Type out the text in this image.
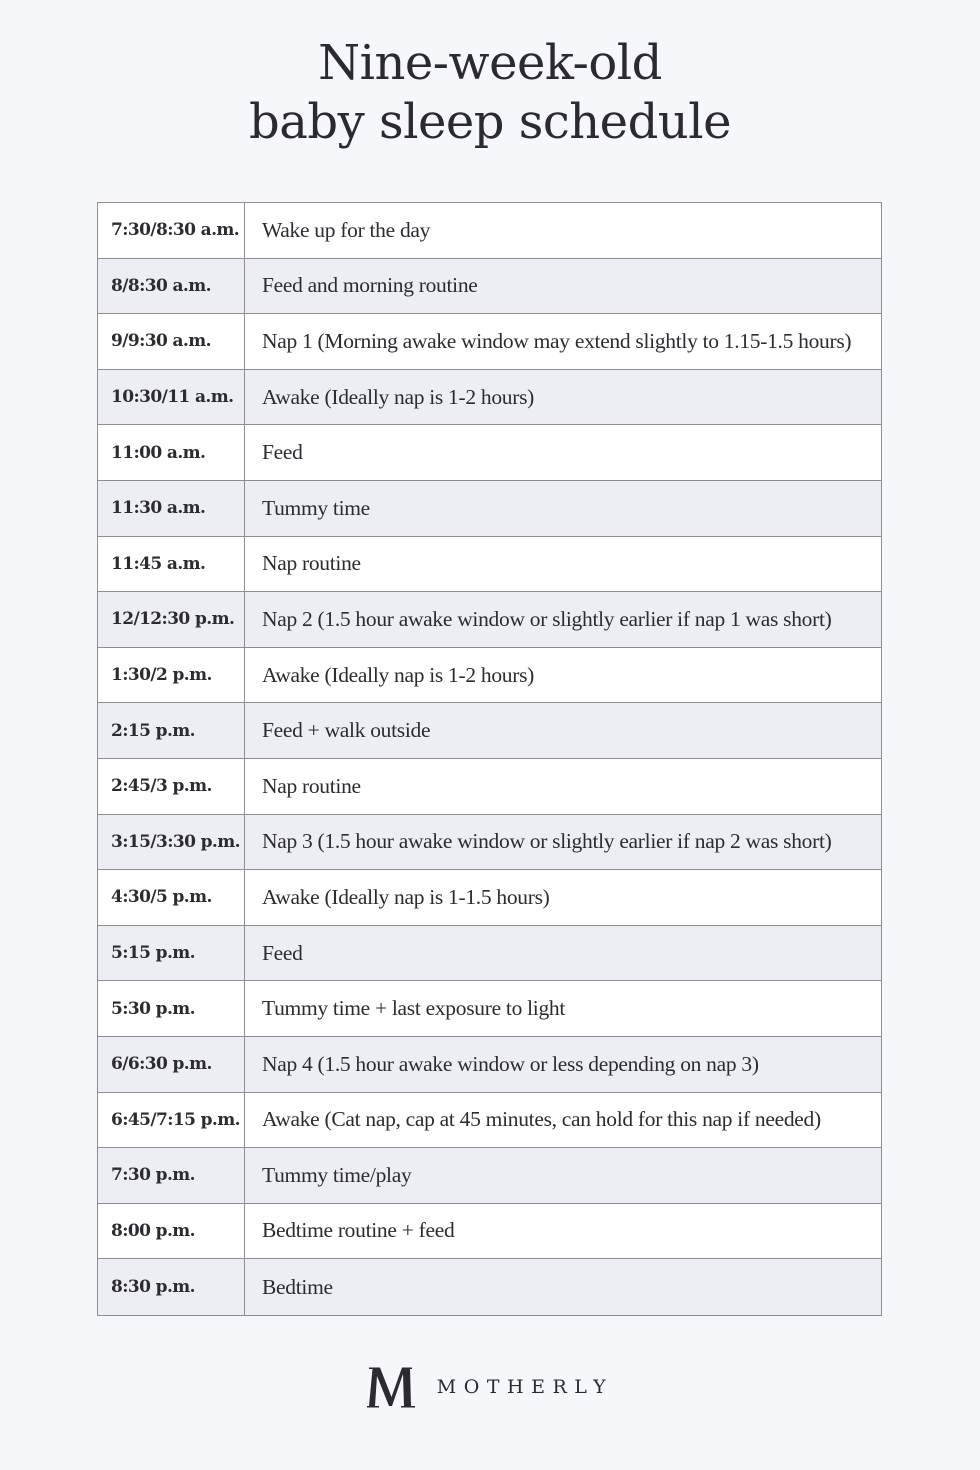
Nine-week-old
baby sleep schedule
7:30/8:30 a.m.	Wake up for the day
8/8:30 a.m.	Feed and morning routine
9/9:30 a.m.	Nap 1 (Morning awake window may extend slightly to 1.15-1.5 hours)
10:30/11 a.m.	Awake (Ideally nap is 1-2 hours)
11:00 a.m.	Feed
11:30 a.m.	Tummy time
11:45 a.m.	Nap routine
12/12:30 p.m.	Nap 2 (1.5 hour awake window or slightly earlier if nap 1 was short)
1:30/2 p.m.	Awake (Ideally nap is 1-2 hours)
2:15 p.m.	Feed + walk outside
2:45/3 p.m.	Nap routine
3:15/3:30 p.m.	Nap 3 (1.5 hour awake window or slightly earlier if nap 2 was short)
4:30/5 p.m.	Awake (Ideally nap is 1-1.5 hours)
5:15 p.m.	Feed
5:30 p.m.	Tummy time + last exposure to light
6/6:30 p.m.	Nap 4 (1.5 hour awake window or less depending on nap 3)
6:45/7:15 p.m.	Awake (Cat nap, cap at 45 minutes, can hold for this nap if needed)
7:30 p.m.	Tummy time/play
8:00 p.m.	Bedtime routine + feed
8:30 p.m.	Bedtime
MOTHERLY
